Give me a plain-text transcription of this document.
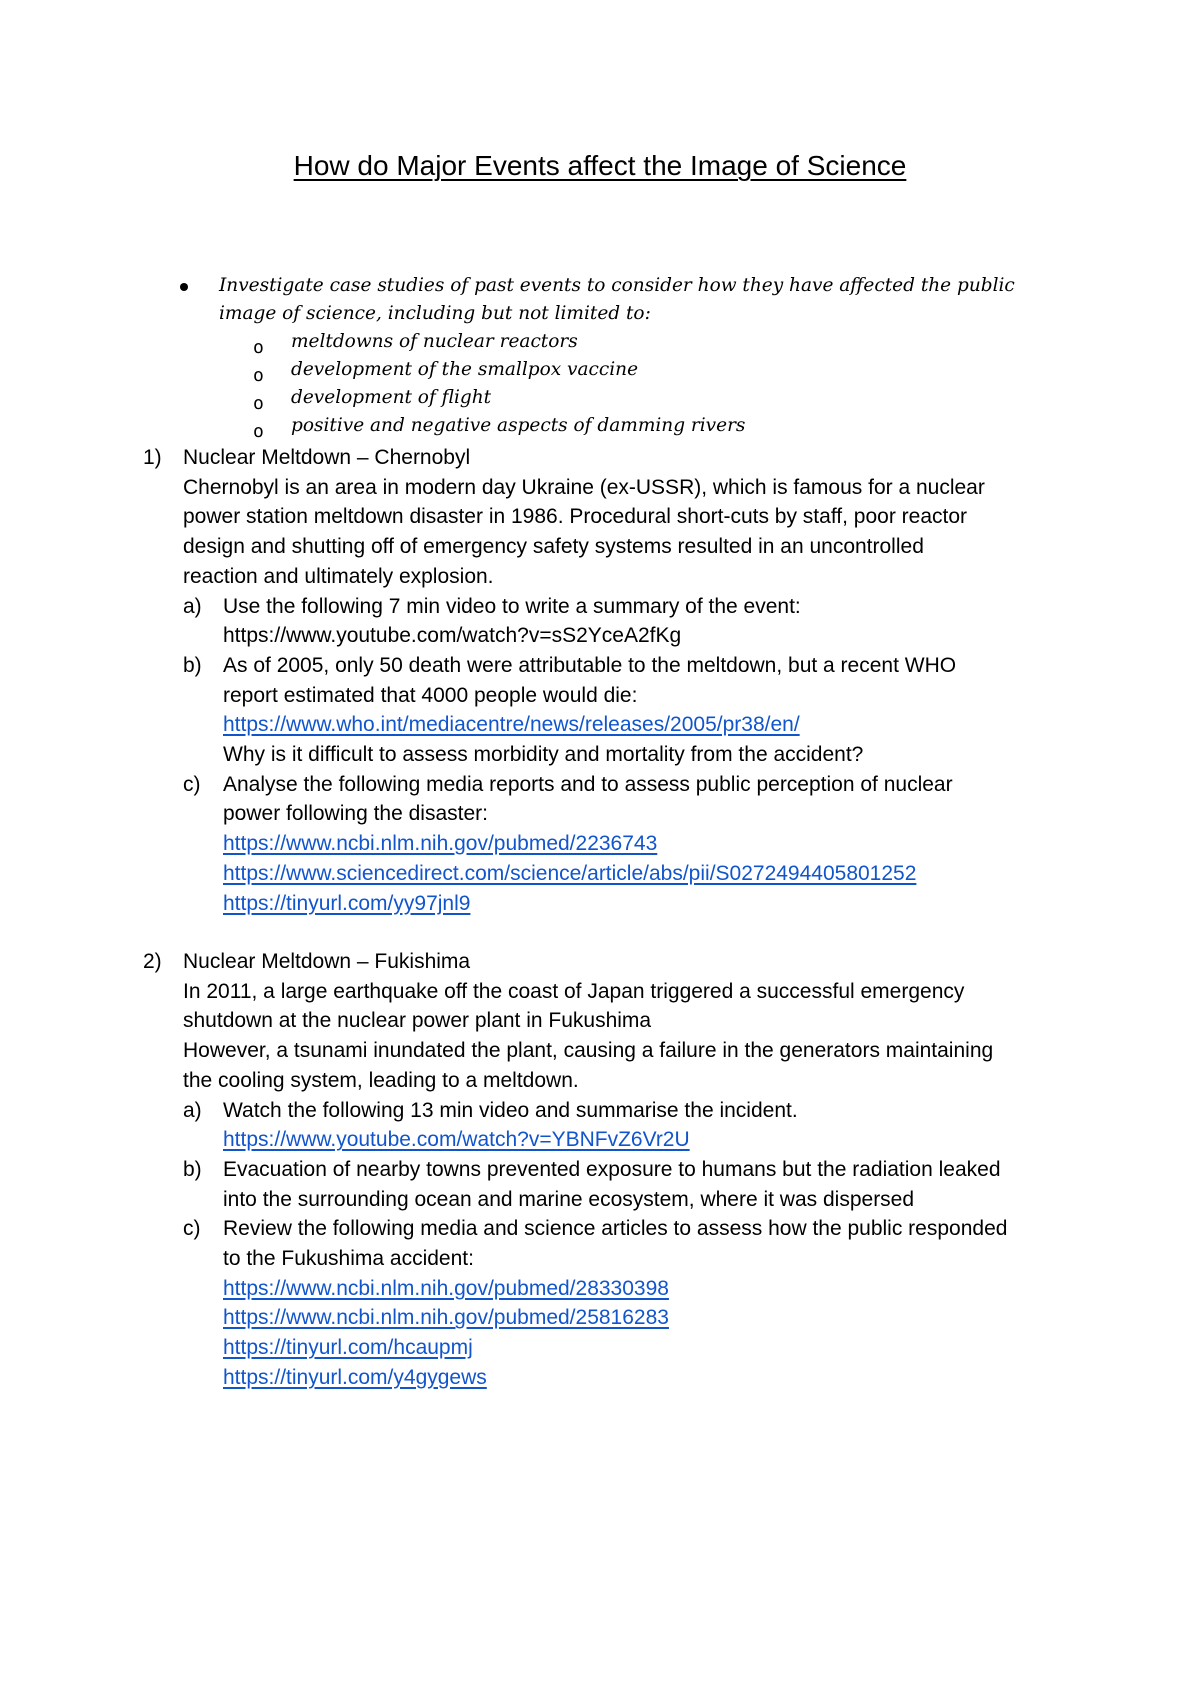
How do Major Events affect the Image of Science
Investigate case studies of past events to consider how they have affected the public
image of science, including but not limited to:
o meltdowns of nuclear reactors
o development of the smallpox vaccine
o development of flight
o positive and negative aspects of damming rivers
1) Nuclear Meltdown – Chernobyl
Chernobyl is an area in modern day Ukraine (ex-USSR), which is famous for a nuclear
power station meltdown disaster in 1986. Procedural short-cuts by staff, poor reactor
design and shutting off of emergency safety systems resulted in an uncontrolled
reaction and ultimately explosion.
a) Use the following 7 min video to write a summary of the event:
https://www.youtube.com/watch?v=sS2YceA2fKg
b) As of 2005, only 50 death were attributable to the meltdown, but a recent WHO
report estimated that 4000 people would die:
https://www.who.int/mediacentre/news/releases/2005/pr38/en/
Why is it difficult to assess morbidity and mortality from the accident?
c) Analyse the following media reports and to assess public perception of nuclear
power following the disaster:
https://www.ncbi.nlm.nih.gov/pubmed/2236743
https://www.sciencedirect.com/science/article/abs/pii/S0272494405801252
https://tinyurl.com/yy97jnl9
2) Nuclear Meltdown – Fukishima
In 2011, a large earthquake off the coast of Japan triggered a successful emergency
shutdown at the nuclear power plant in Fukushima
However, a tsunami inundated the plant, causing a failure in the generators maintaining
the cooling system, leading to a meltdown.
a) Watch the following 13 min video and summarise the incident.
https://www.youtube.com/watch?v=YBNFvZ6Vr2U
b) Evacuation of nearby towns prevented exposure to humans but the radiation leaked
into the surrounding ocean and marine ecosystem, where it was dispersed
c) Review the following media and science articles to assess how the public responded
to the Fukushima accident:
https://www.ncbi.nlm.nih.gov/pubmed/28330398
https://www.ncbi.nlm.nih.gov/pubmed/25816283
https://tinyurl.com/hcaupmj
https://tinyurl.com/y4gygews
